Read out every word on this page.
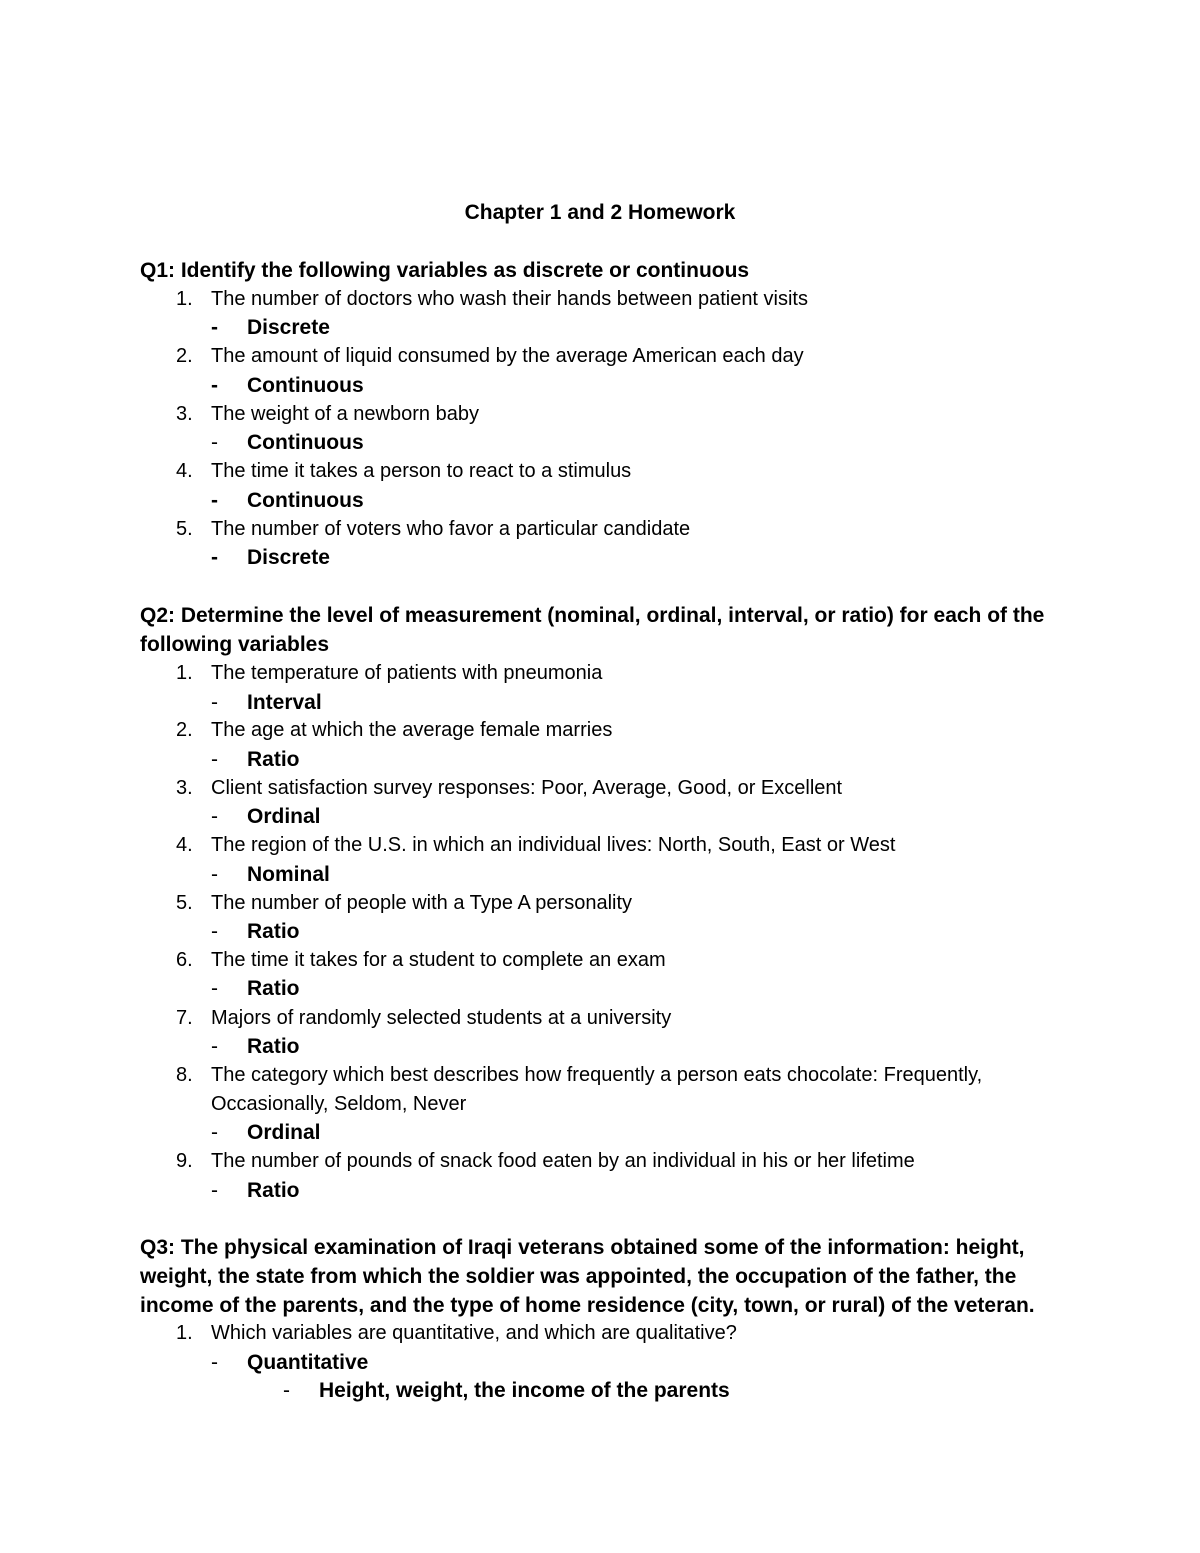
Chapter 1 and 2 Homework
Q1: Identify the following variables as discrete or continuous
1. The number of doctors who wash their hands between patient visits
- Discrete
2. The amount of liquid consumed by the average American each day
- Continuous
3. The weight of a newborn baby
- Continuous
4. The time it takes a person to react to a stimulus
- Continuous
5. The number of voters who favor a particular candidate
- Discrete
Q2: Determine the level of measurement (nominal, ordinal, interval, or ratio) for each of the following variables
1. The temperature of patients with pneumonia
- Interval
2. The age at which the average female marries
- Ratio
3. Client satisfaction survey responses: Poor, Average, Good, or Excellent
- Ordinal
4. The region of the U.S. in which an individual lives: North, South, East or West
- Nominal
5. The number of people with a Type A personality
- Ratio
6. The time it takes for a student to complete an exam
- Ratio
7. Majors of randomly selected students at a university
- Ratio
8. The category which best describes how frequently a person eats chocolate: Frequently, Occasionally, Seldom, Never
- Ordinal
9. The number of pounds of snack food eaten by an individual in his or her lifetime
- Ratio
Q3: The physical examination of Iraqi veterans obtained some of the information: height, weight, the state from which the soldier was appointed, the occupation of the father, the income of the parents, and the type of home residence (city, town, or rural) of the veteran.
1. Which variables are quantitative, and which are qualitative?
- Quantitative
- Height, weight, the income of the parents
